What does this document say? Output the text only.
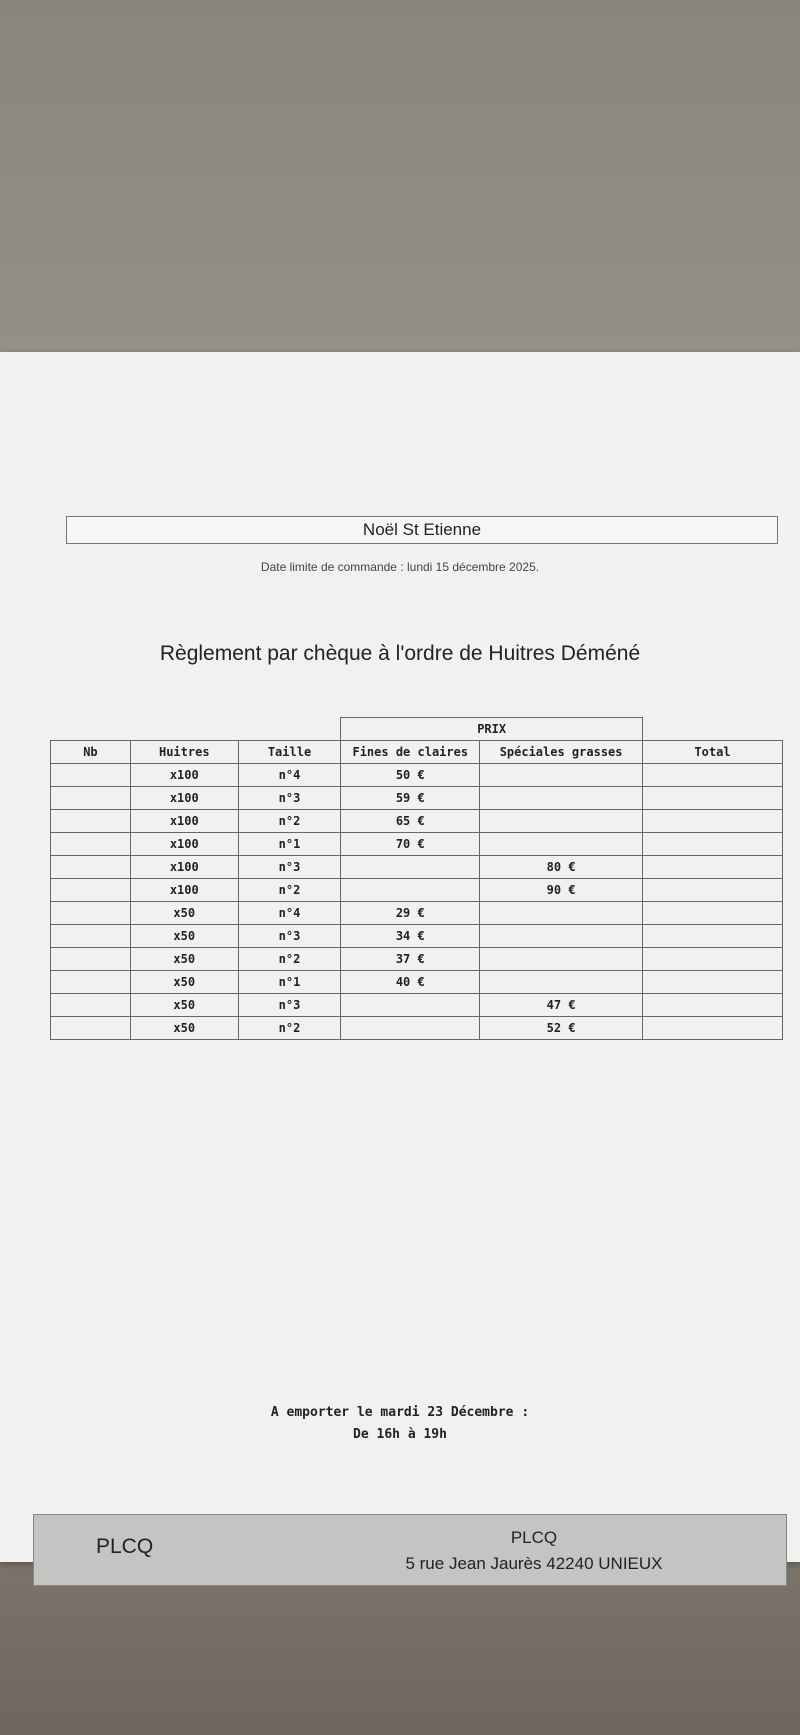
Noël St Etienne
Date limite de commande : lundi 15 décembre 2025.
Règlement par chèque à l'ordre de Huitres Déméné
			PRIX		
Nb	Huitres	Taille	Fines de claires	Spéciales grasses	Total
	x100	n°4	50 €		
	x100	n°3	59 €		
	x100	n°2	65 €		
	x100	n°1	70 €		
	x100	n°3		80 €	
	x100	n°2		90 €	
	x50	n°4	29 €		
	x50	n°3	34 €		
	x50	n°2	37 €		
	x50	n°1	40 €		
	x50	n°3		47 €	
	x50	n°2		52 €	
A emporter le mardi 23 Décembre :
De 16h à 19h
PLCQ	PLCQ
5 rue Jean Jaurès 42240 UNIEUX
